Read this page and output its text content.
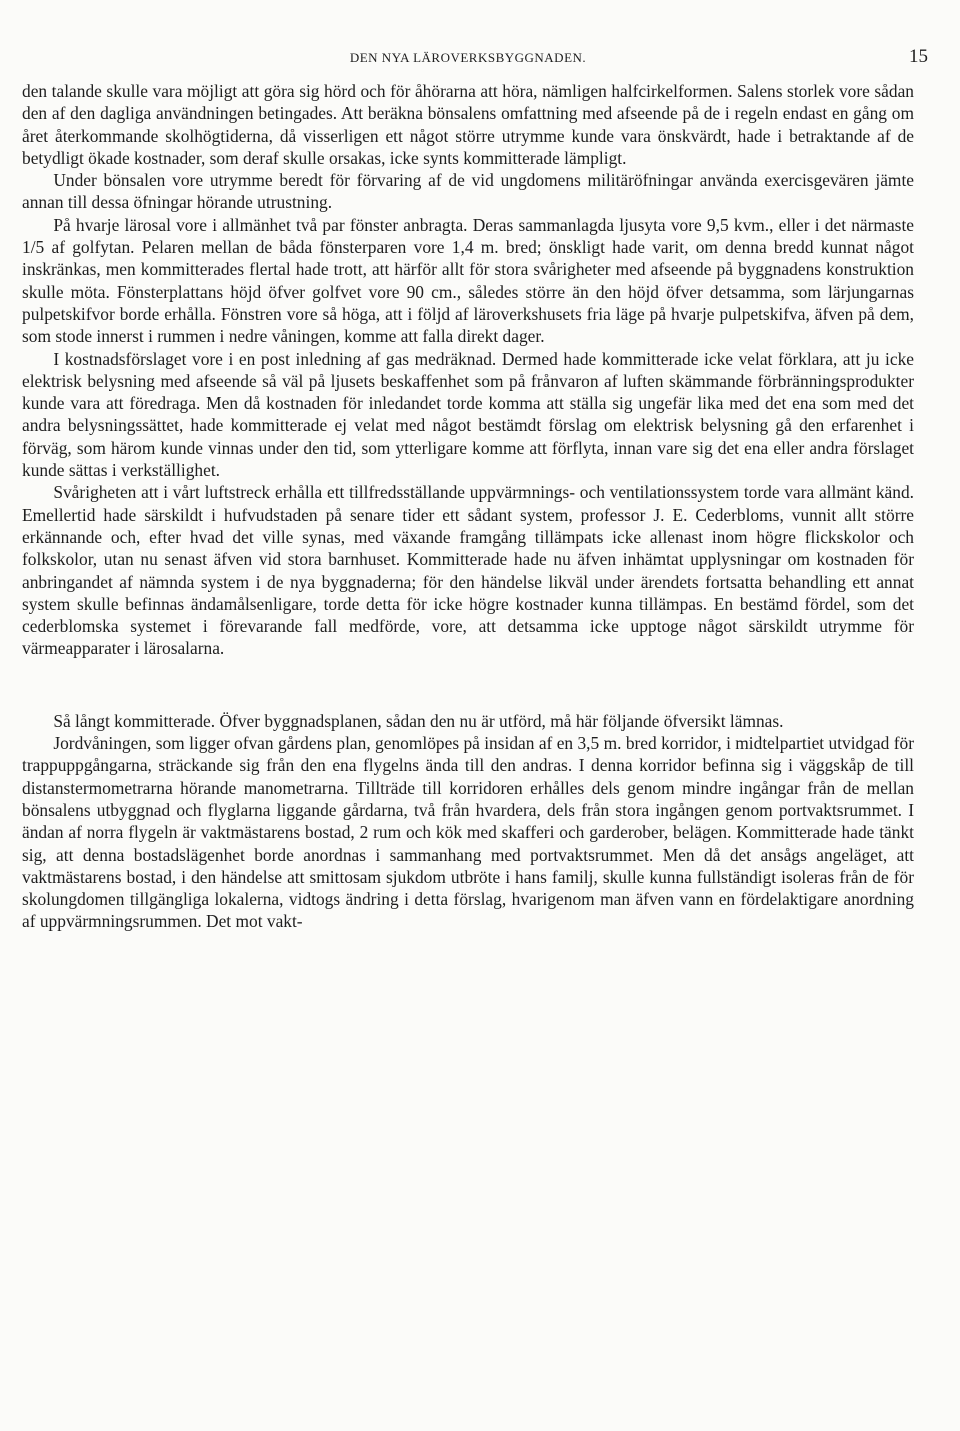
DEN NYA LÄROVERKSBYGGNADEN.	15

den talande skulle vara möjligt att göra sig hörd och för åhörarna att höra, nämligen halfcirkelformen. Salens storlek vore sådan den af den dagliga användningen betingades. Att beräkna bönsalens omfattning med afseende på de i regeln endast en gång om året återkommande skolhögtiderna, då visserligen ett något större utrymme kunde vara önskvärdt, hade i betraktande af de betydligt ökade kostnader, som deraf skulle orsakas, icke synts kommitterade lämpligt.

Under bönsalen vore utrymme beredt för förvaring af de vid ungdomens militäröfningar använda exercisgevären jämte annan till dessa öfningar hörande utrustning.

På hvarje lärosal vore i allmänhet två par fönster anbragta. Deras sammanlagda ljusyta vore 9,5 kvm., eller i det närmaste 1/5 af golfytan. Pelaren mellan de båda fönsterparen vore 1,4 m. bred; önskligt hade varit, om denna bredd kunnat något inskränkas, men kommitterades flertal hade trott, att härför allt för stora svårigheter med afseende på byggnadens konstruktion skulle möta. Fönsterplattans höjd öfver golfvet vore 90 cm., således större än den höjd öfver detsamma, som lärjungarnas pulpetskifvor borde erhålla. Fönstren vore så höga, att i följd af läroverkshusets fria läge på hvarje pulpetskifva, äfven på dem, som stode innerst i rummen i nedre våningen, komme att falla direkt dager.

I kostnadsförslaget vore i en post inledning af gas medräknad. Dermed hade kommitterade icke velat förklara, att ju icke elektrisk belysning med afseende så väl på ljusets beskaffenhet som på frånvaron af luften skämmande förbränningsprodukter kunde vara att föredraga. Men då kostnaden för inledandet torde komma att ställa sig ungefär lika med det ena som med det andra belysningssättet, hade kommitterade ej velat med något bestämdt förslag om elektrisk belysning gå den erfarenhet i förväg, som härom kunde vinnas under den tid, som ytterligare komme att förflyta, innan vare sig det ena eller andra förslaget kunde sättas i verkställighet.

Svårigheten att i vårt luftstreck erhålla ett tillfredsställande uppvärmnings- och ventilationssystem torde vara allmänt känd. Emellertid hade särskildt i hufvudstaden på senare tider ett sådant system, professor J. E. Cederbloms, vunnit allt större erkännande och, efter hvad det ville synas, med växande framgång tillämpats icke allenast inom högre flickskolor och folkskolor, utan nu senast äfven vid stora barnhuset. Kommitterade hade nu äfven inhämtat upplysningar om kostnaden för anbringandet af nämnda system i de nya byggnaderna; för den händelse likväl under ärendets fortsatta behandling ett annat system skulle befinnas ändamålsenligare, torde detta för icke högre kostnader kunna tillämpas. En bestämd fördel, som det cederblomska systemet i förevarande fall medförde, vore, att detsamma icke upptoge något särskildt utrymme för värmeapparater i lärosalarna.

Så långt kommitterade. Öfver byggnadsplanen, sådan den nu är utförd, må här följande öfversikt lämnas.

Jordvåningen, som ligger ofvan gårdens plan, genomlöpes på insidan af en 3,5 m. bred korridor, i midtelpartiet utvidgad för trappuppgångarna, sträckande sig från den ena flygelns ända till den andras. I denna korridor befinna sig i väggskåp de till distanstermometrarna hörande manometrarna. Tillträde till korridoren erhålles dels genom mindre ingångar från de mellan bönsalens utbyggnad och flyglarna liggande gårdarna, två från hvardera, dels från stora ingången genom portvaktsrummet. I ändan af norra flygeln är vaktmästarens bostad, 2 rum och kök med skafferi och garderober, belägen. Kommitterade hade tänkt sig, att denna bostadslägenhet borde anordnas i sammanhang med portvaktsrummet. Men då det ansågs angeläget, att vaktmästarens bostad, i den händelse att smittosam sjukdom utbröte i hans familj, skulle kunna fullständigt isoleras från de för skolungdomen tillgängliga lokalerna, vidtogs ändring i detta förslag, hvarigenom man äfven vann en fördelaktigare anordning af uppvärmningsrummen. Det mot vakt-
